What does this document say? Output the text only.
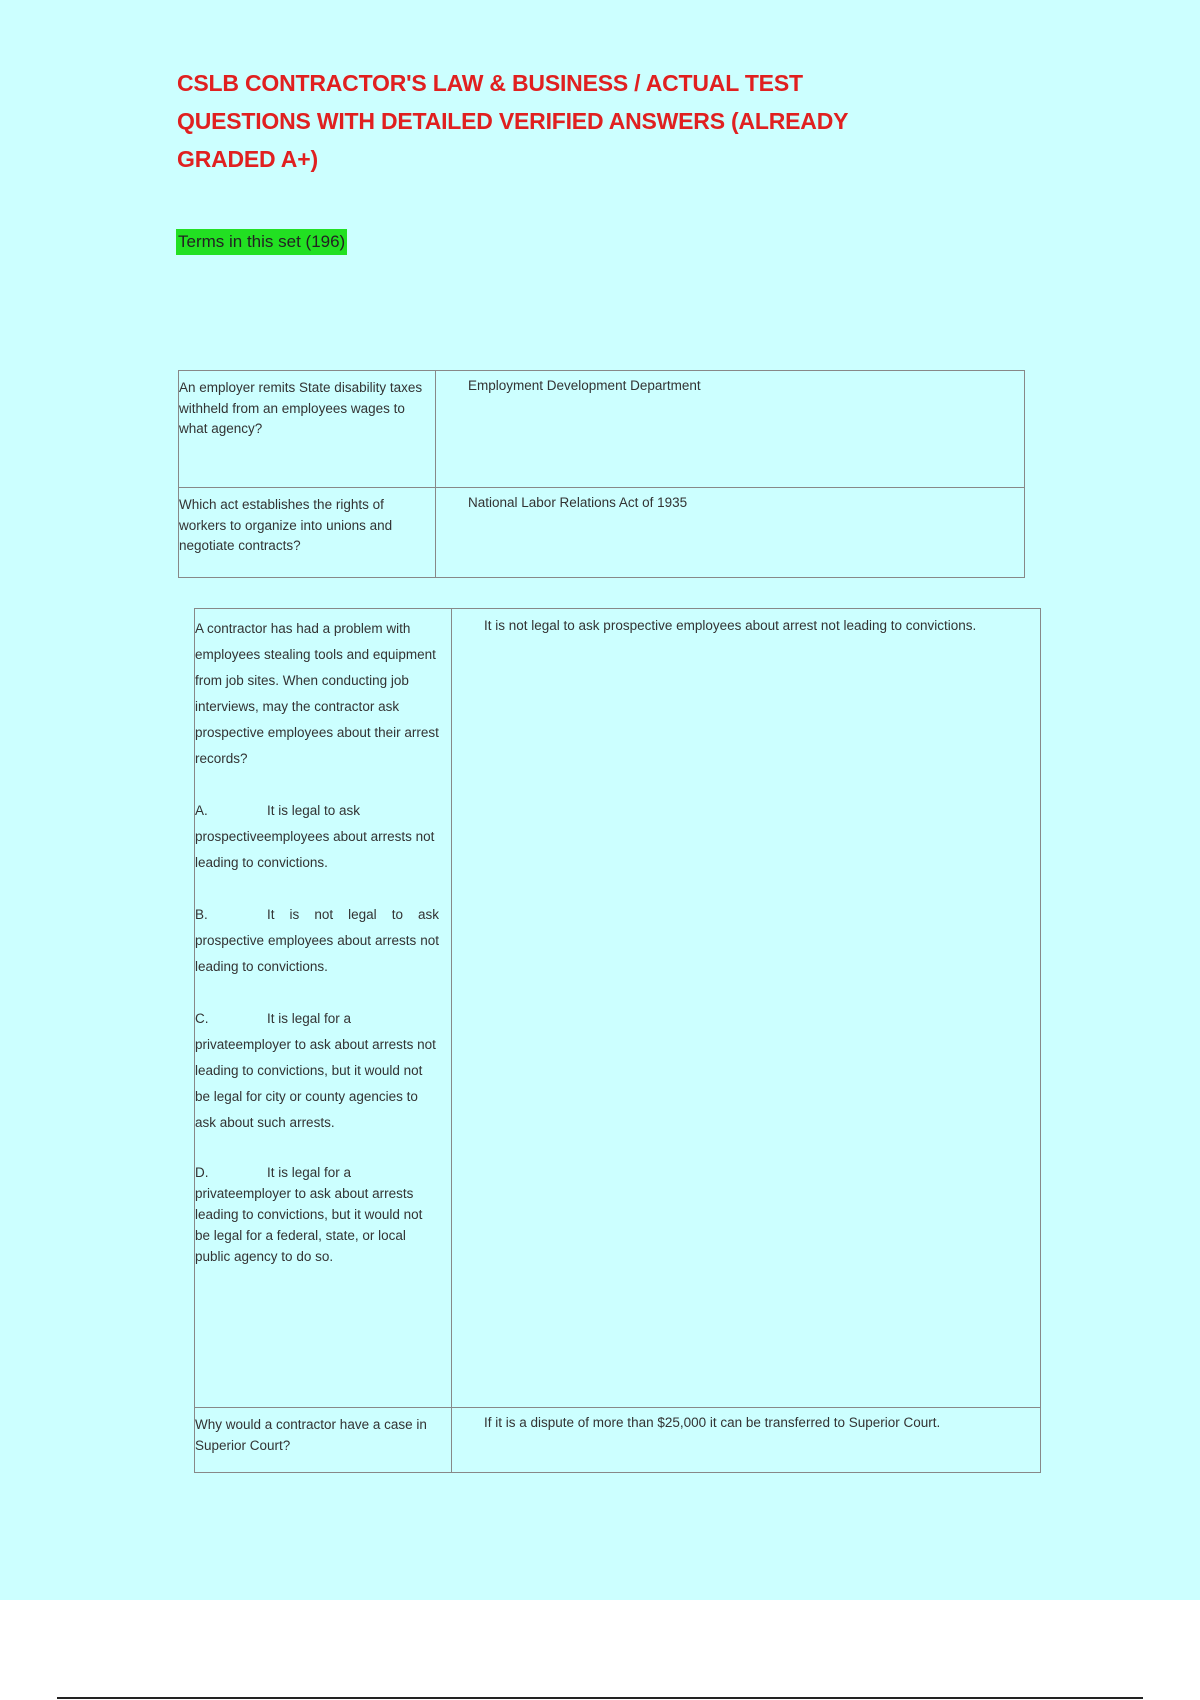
CSLB CONTRACTOR'S LAW & BUSINESS / ACTUAL TEST QUESTIONS WITH DETAILED VERIFIED ANSWERS (ALREADY GRADED A+)
Terms in this set (196)
An employer remits State disability taxes withheld from an employees wages to what agency?	Employment Development Department

Which act establishes the rights of workers to organize into unions and negotiate contracts?	National Labor Relations Act of 1935
A contractor has had a problem with employees stealing tools and equipment from job sites. When conducting job interviews, may the contractor ask prospective employees about their arrest records?
A. It is legal to ask prospectiveemployees about arrests not leading to convictions.
B. It is not legal to ask prospective employees about arrests not leading to convictions.
C. It is legal for a privateemployer to ask about arrests not leading to convictions, but it would not be legal for city or county agencies to ask about such arrests.
D. It is legal for a privateemployer to ask about arrests leading to convictions, but it would not be legal for a federal, state, or local public agency to do so.	It is not legal to ask prospective employees about arrest not leading to convictions.

Why would a contractor have a case in Superior Court?	If it is a dispute of more than $25,000 it can be transferred to Superior Court.
